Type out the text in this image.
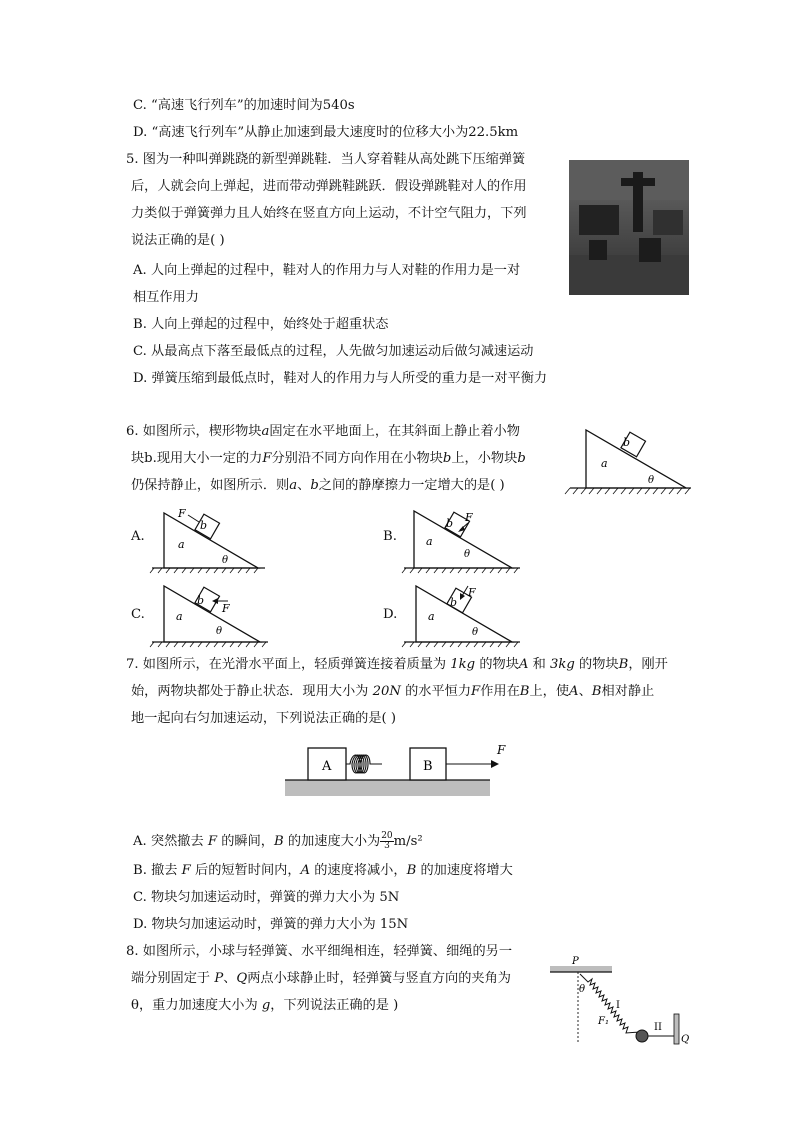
C. “高速飞行列车”的加速时间为540s
D. “高速飞行列车”从静止加速到最大速度时的位移大小为22.5km
5. 图为一种叫弹跳跷的新型弹跳鞋．当人穿着鞋从高处跳下压缩弹簧
后，人就会向上弹起，进而带动弹跳鞋跳跃．假设弹跳鞋对人的作用
力类似于弹簧弹力且人始终在竖直方向上运动，不计空气阻力，下列
说法正确的是( )
A. 人向上弹起的过程中，鞋对人的作用力与人对鞋的作用力是一对
相互作用力
B. 人向上弹起的过程中，始终处于超重状态
C. 从最高点下落至最低点的过程，人先做匀加速运动后做匀减速运动
D. 弹簧压缩到最低点时，鞋对人的作用力与人所受的重力是一对平衡力
6. 如图所示，楔形物块a固定在水平地面上，在其斜面上静止着小物
块b.现用大小一定的力F分别沿不同方向作用在小物块b上，小物块b
仍保持静止，如图所示．则a、b之间的静摩擦力一定增大的是( )
b
a
θ
A.
F
b
a
θ
B.
F
b
a
θ
C.	F
b
a
θ
D.
F
b
a
θ
7. 如图所示，在光滑水平面上，轻质弹簧连接着质量为 1kg 的物块A 和 3kg 的物块B，刚开
始，两物块都处于静止状态．现用大小为 20N 的水平恒力F作用在B上，使A、B相对静止
地一起向右匀加速运动，下列说法正确的是( )
A	B
F
A. 突然撤去 F 的瞬间，B 的加速度大小为 $\frac{20}{3} m/s^2$
B. 撤去 F 后的短暂时间内，A 的速度将减小，B 的加速度将增大
C. 物块匀加速运动时，弹簧的弹力大小为 5N
D. 物块匀加速运动时，弹簧的弹力大小为 15N
8. 如图所示，小球与轻弹簧、水平细绳相连，轻弹簧、细绳的另一
端分别固定于 P、Q两点小球静止时，轻弹簧与竖直方向的夹角为
θ，重力加速度大小为 g，下列说法正确的是 )
P
θ
I
F₁
II
Q
